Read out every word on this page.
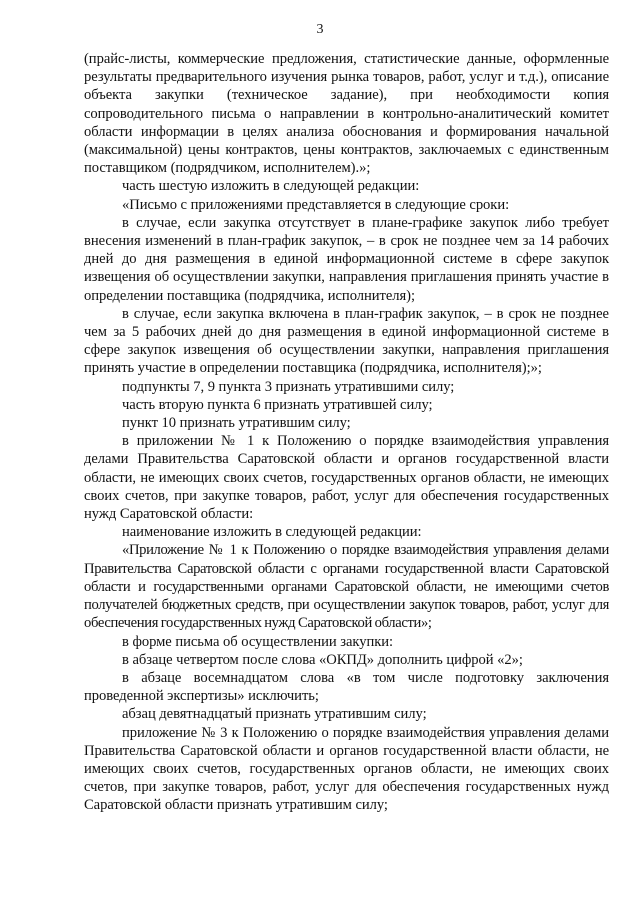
3

(прайс-листы, коммерческие предложения, статистические данные, оформленные результаты предварительного изучения рынка товаров, работ, услуг и т.д.), описание объекта закупки (техническое задание), при необходимости копия сопроводительного письма о направлении в контрольно-аналитический комитет области информации в целях анализа обоснования и формирования начальной (максимальной) цены контрактов, цены контрактов, заключаемых с единственным поставщиком (подрядчиком, исполнителем).»;

часть шестую изложить в следующей редакции:

«Письмо с приложениями представляется в следующие сроки:

в случае, если закупка отсутствует в плане-графике закупок либо требует внесения изменений в план-график закупок, – в срок не позднее чем за 14 рабочих дней до дня размещения в единой информационной системе в сфере закупок извещения об осуществлении закупки, направления приглашения принять участие в определении поставщика (подрядчика, исполнителя);

в случае, если закупка включена в план-график закупок, – в срок не позднее чем за 5 рабочих дней до дня размещения в единой информационной системе в сфере закупок извещения об осуществлении закупки, направления приглашения принять участие в определении поставщика (подрядчика, исполнителя);»;

подпункты 7, 9 пункта 3 признать утратившими силу;

часть вторую пункта 6 признать утратившей силу;

пункт 10 признать утратившим силу;

в приложении № 1 к Положению о порядке взаимодействия управления делами Правительства Саратовской области и органов государственной власти области, не имеющих своих счетов, государственных органов области, не имеющих своих счетов, при закупке товаров, работ, услуг для обеспечения государственных нужд Саратовской области:

наименование изложить в следующей редакции:

«Приложение № 1 к Положению о порядке взаимодействия управления делами Правительства Саратовской области с органами государственной власти Саратовской области и государственными органами Саратовской области, не имеющими счетов получателей бюджетных средств, при осуществлении закупок товаров, работ, услуг для обеспечения государственных нужд Саратовской области»;

в форме письма об осуществлении закупки:

в абзаце четвертом после слова «ОКПД» дополнить цифрой «2»;

в абзаце восемнадцатом слова «в том числе подготовку заключения проведенной экспертизы» исключить;

абзац девятнадцатый признать утратившим силу;

приложение № 3 к Положению о порядке взаимодействия управления делами Правительства Саратовской области и органов государственной власти области, не имеющих своих счетов, государственных органов области, не имеющих своих счетов, при закупке товаров, работ, услуг для обеспечения государственных нужд Саратовской области признать утратившим силу;
